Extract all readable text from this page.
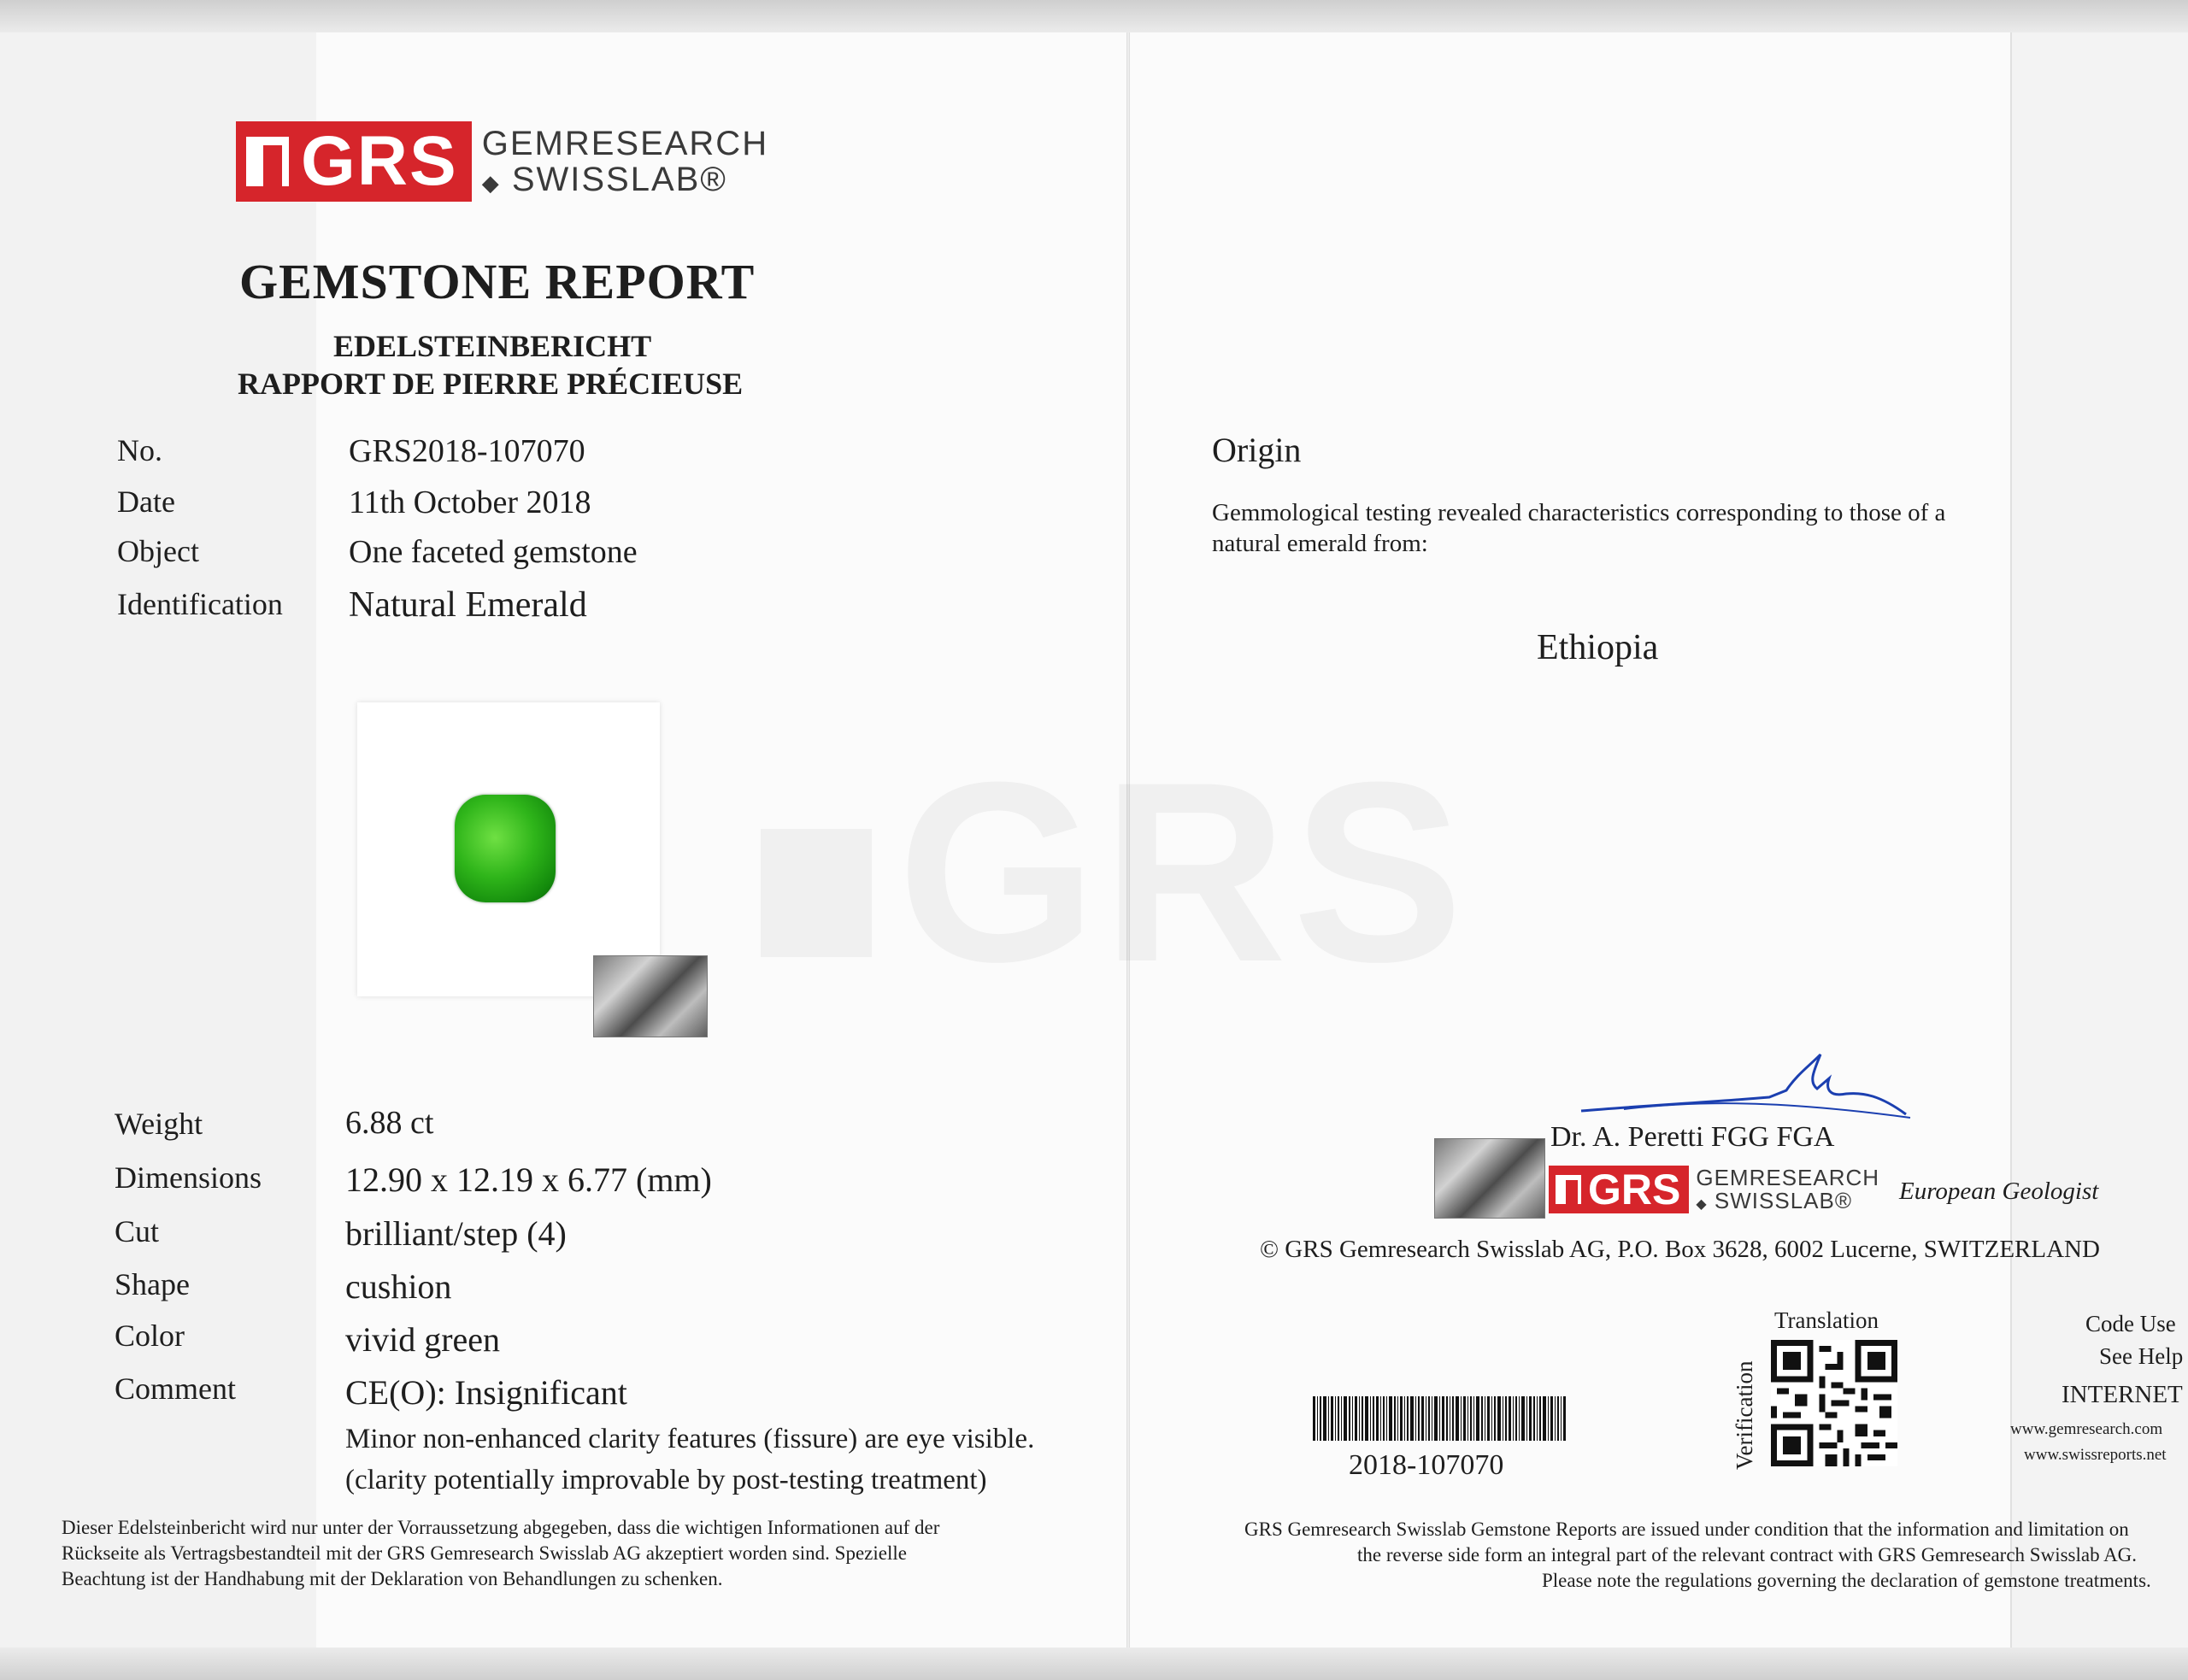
GRS GEMRESEARCH
◆ SWISSLAB®
GEMSTONE REPORT
EDELSTEINBERICHT
RAPPORT DE PIERRE PRÉCIEUSE
No.	GRS2018-107070
Date	11th October 2018
Object	One faceted gemstone
Identification Natural Emerald
Weight	6.88 ct
Dimensions 12.90 x 12.19 x 6.77 (mm)
Cut	brilliant/step (4)
Shape	cushion
Color	vivid green
Comment	CE(O): Insignificant
Minor non-enhanced clarity features (fissure) are eye visible.
(clarity potentially improvable by post-testing treatment)
Dieser Edelsteinbericht wird nur unter der Vorraussetzung abgegeben, dass die wichtigen Informationen auf der
Rückseite als Vertragsbestandteil mit der GRS Gemresearch Swisslab AG akzeptiert worden sind. Spezielle
Beachtung ist der Handhabung mit der Deklaration von Behandlungen zu schenken.
Origin
Gemmological testing revealed characteristics corresponding to those of a natural emerald from:
Ethiopia
Dr. A. Peretti FGG FGA
GRS GEMRESEARCH
◆ SWISSLAB®	European Geologist
© GRS Gemresearch Swisslab AG, P.O. Box 3628, 6002 Lucerne, SWITZERLAND
Translation
Verification
2018-107070
Code Use
See Help
INTERNET
www.gemresearch.com
www.swissreports.net
GRS Gemresearch Swisslab Gemstone Reports are issued under condition that the information and limitation on
the reverse side form an integral part of the relevant contract with GRS Gemresearch Swisslab AG.
Please note the regulations governing the declaration of gemstone treatments.
